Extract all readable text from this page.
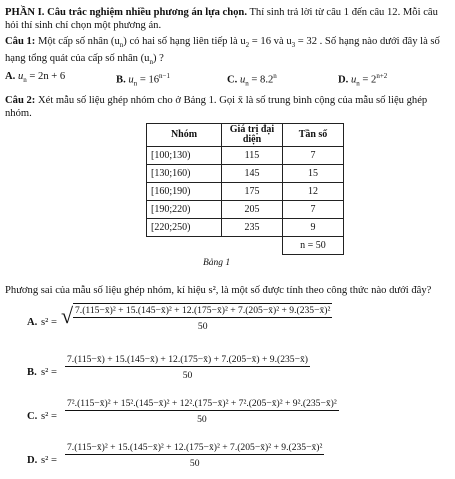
PHẦN I. Câu trắc nghiệm nhiều phương án lựa chọn. Thí sinh trả lời từ câu 1 đến câu 12. Mỗi câu hỏi thí sinh chỉ chọn một phương án.

Câu 1: Một cấp số nhân $(u_n)$ có hai số hạng liên tiếp là $u_2 = 16$ và $u_3 = 32$ . Số hạng nào dưới đây là số hạng tổng quát của cấp số nhân $(u_n)$ ?

A. $u_n = 2n + 6$	B. $u_n = 16^{n-1}$	C. $u_n = 8.2^n$	D. $u_n = 2^{n+2}$

Câu 2: Xét mẫu số liệu ghép nhóm cho ở Bảng 1. Gọi x̄ là số trung bình cộng của mẫu số liệu ghép nhóm.

Nhóm	Giá trị đại diện	Tần số
[100;130)	115	7
[130;160)	145	15
[160;190)	175	12
[190;220)	205	7
[220;250)	235	9
		n = 50

Bảng 1

Phương sai của mẫu số liệu ghép nhóm, kí hiệu s², là một số được tính theo công thức nào dưới đây?

A. s² = √ 7.(115−x̄)² + 15.(145−x̄)² + 12.(175−x̄)² + 7.(205−x̄)² + 9.(235−x̄)²
50
B. s² =
7.(115−x̄) + 15.(145−x̄) + 12.(175−x̄) + 7.(205−x̄) + 9.(235−x̄)
50
C. s² =
7².(115−x̄)² + 15².(145−x̄)² + 12².(175−x̄)² + 7².(205−x̄)² + 9².(235−x̄)²
50
D. s² =
7.(115−x̄)² + 15.(145−x̄)² + 12.(175−x̄)² + 7.(205−x̄)² + 9.(235−x̄)²
50
